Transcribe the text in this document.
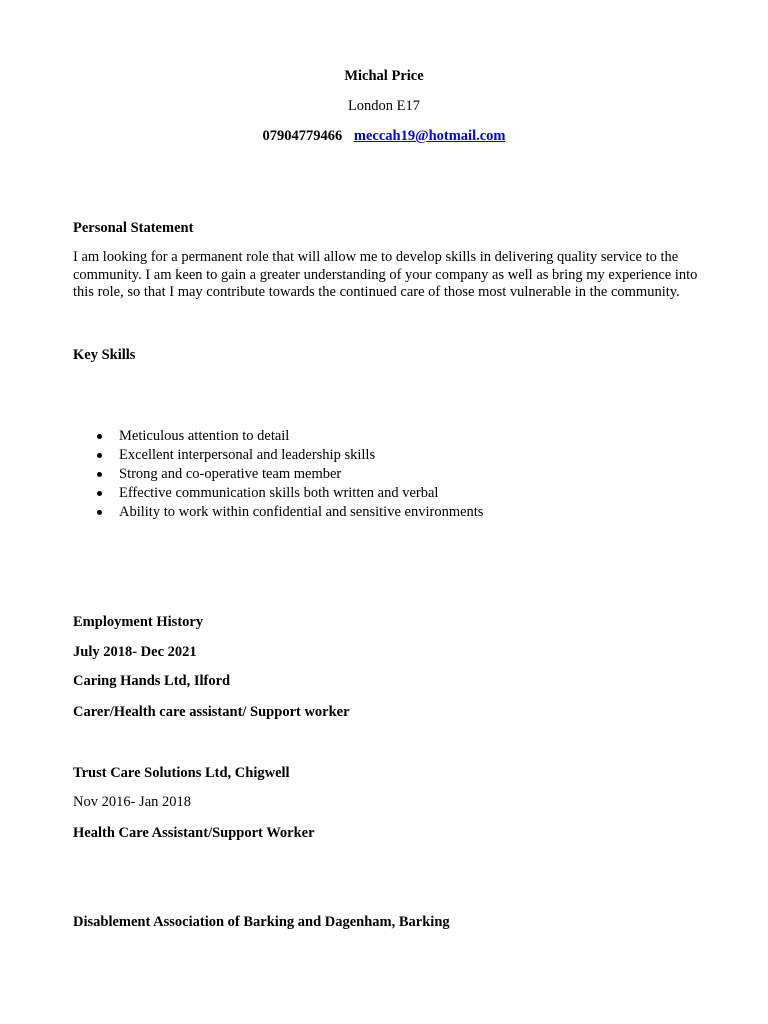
Michal Price
London E17
07904779466 meccah19@hotmail.com
Personal Statement
I am looking for a permanent role that will allow me to develop skills in delivering quality service to the community. I am keen to gain a greater understanding of your company as well as bring my experience into this role, so that I may contribute towards the continued care of those most vulnerable in the community.
Key Skills
Meticulous attention to detail
Excellent interpersonal and leadership skills
Strong and co-operative team member
Effective communication skills both written and verbal
Ability to work within confidential and sensitive environments
Employment History
July 2018- Dec 2021
Caring Hands Ltd, Ilford
Carer/Health care assistant/ Support worker
Trust Care Solutions Ltd, Chigwell
Nov 2016- Jan 2018
Health Care Assistant/Support Worker
Disablement Association of Barking and Dagenham, Barking
